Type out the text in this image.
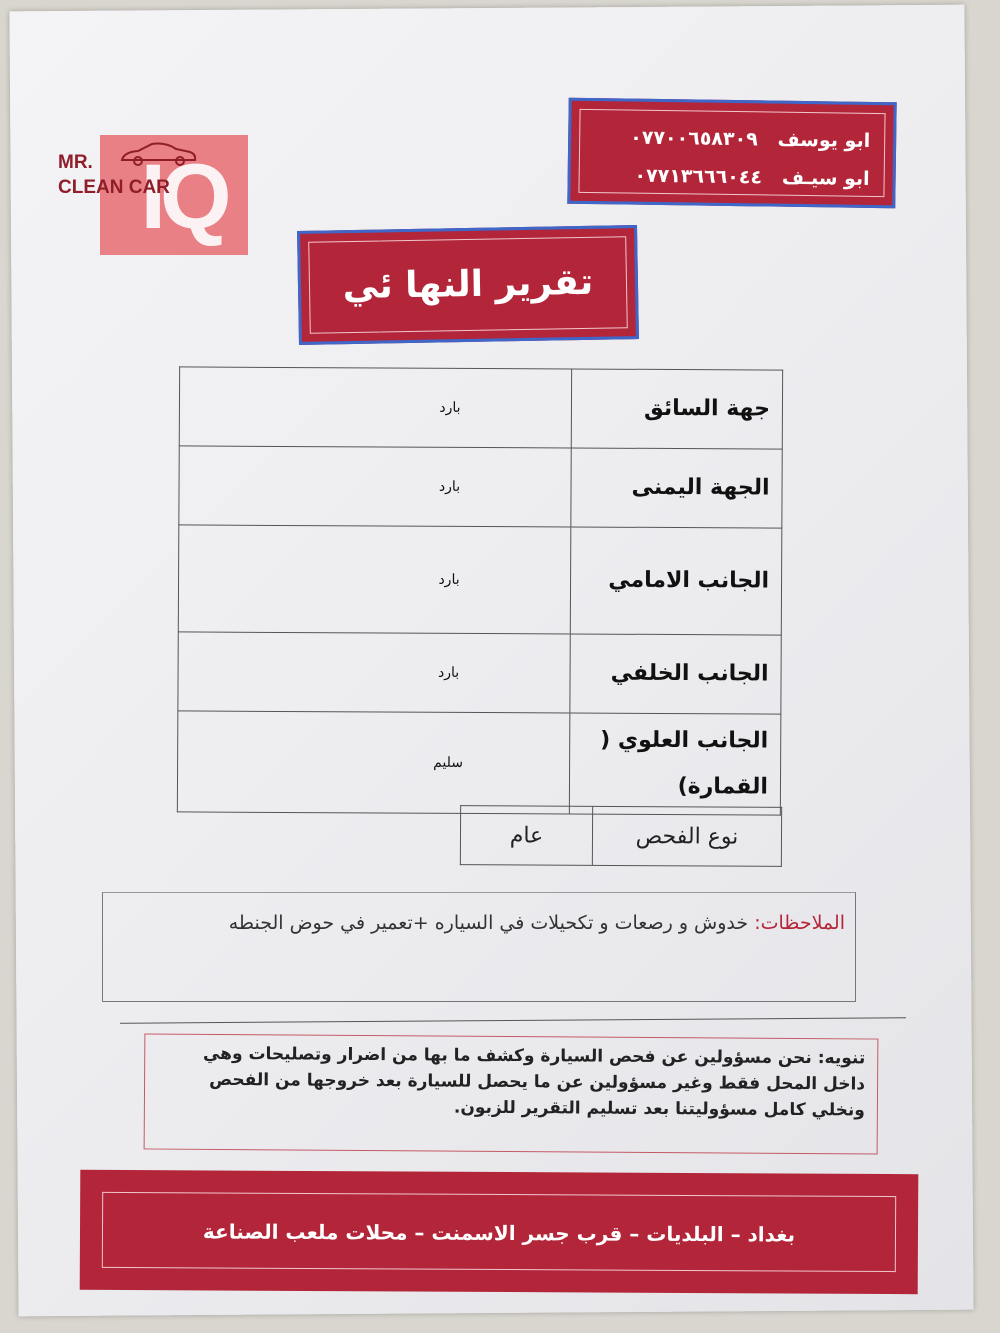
IQ
MR.
CLEAN CAR
ابو يوسف   ٠٧٧٠٠٦٥٨٣٠٩
ابو سيـف   ٠٧٧١٣٦٦٦٠٤٤
تقرير النها ئي
جهة السائق	بارد
الجهة اليمنى	بارد
الجانب الامامي	بارد
الجانب الخلفي	بارد
الجانب العلوي ( القمارة)	سليم
نوع الفحص	عام
الملاحظات: خدوش و رصعات و تكحيلات في السياره +تعمير في حوض الجنطه
تنويه: نحن مسؤولين عن فحص السيارة وكشف ما بها من اضرار وتصليحات وهي داخل المحل فقط وغير مسؤولين عن ما يحصل للسيارة بعد خروجها من الفحص ونخلي كامل مسؤوليتنا بعد تسليم التقرير للزبون.
بغداد – البلديات – قرب جسر الاسمنت – محلات ملعب الصناعة
